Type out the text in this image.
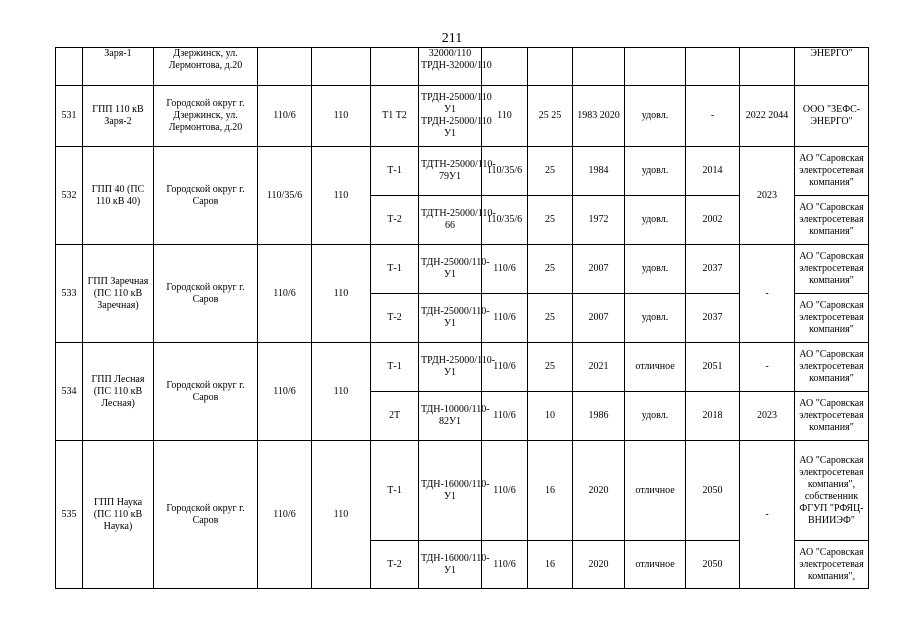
211
	Заря-1	Дзержинск, ул. Лермонтова, д.20				32000/110 ТРДН-32000/110							ЭНЕРГО"
531	ГПП 110 кВ Заря-2	Городской округ г. Дзержинск, ул. Лермонтова, д.20	110/6	110	Т1 Т2	ТРДН-25000/110 У1 ТРДН-25000/110 У1	110	25 25	1983 2020	удовл.	-	2022 2044	ООО "ЗЕФС-ЭНЕРГО"
532	ГПП 40 (ПС 110 кВ 40)	Городской округ г. Саров	110/35/6	110	Т-1	ТДТН-25000/110-79У1	110/35/6	25	1984	удовл.	2014	2023	АО "Саровская электросетевая компания"
					Т-2	ТДТН-25000/110-66	110/35/6	25	1972	удовл.	2002		АО "Саровская электросетевая компания"
533	ГПП Заречная (ПС 110 кВ Заречная)	Городской округ г. Саров	110/6	110	Т-1	ТДН-25000/110-У1	110/6	25	2007	удовл.	2037	-	АО "Саровская электросетевая компания"
					Т-2	ТДН-25000/110-У1	110/6	25	2007	удовл.	2037		АО "Саровская электросетевая компания"
534	ГПП Лесная (ПС 110 кВ Лесная)	Городской округ г. Саров	110/6	110	Т-1	ТРДН-25000/110-У1	110/6	25	2021	отличное	2051	-	АО "Саровская электросетевая компания"
					2Т	ТДН-10000/110-82У1	110/6	10	1986	удовл.	2018	2023	АО "Саровская электросетевая компания"
535	ГПП Наука (ПС 110 кВ Наука)	Городской округ г. Саров	110/6	110	Т-1	ТДН-16000/110-У1	110/6	16	2020	отличное	2050	-	АО "Саровская электросетевая компания", собственник ФГУП "РФЯЦ-ВНИИЭФ"
					Т-2	ТДН-16000/110-У1	110/6	16	2020	отличное	2050		АО "Саровская электросетевая компания",
